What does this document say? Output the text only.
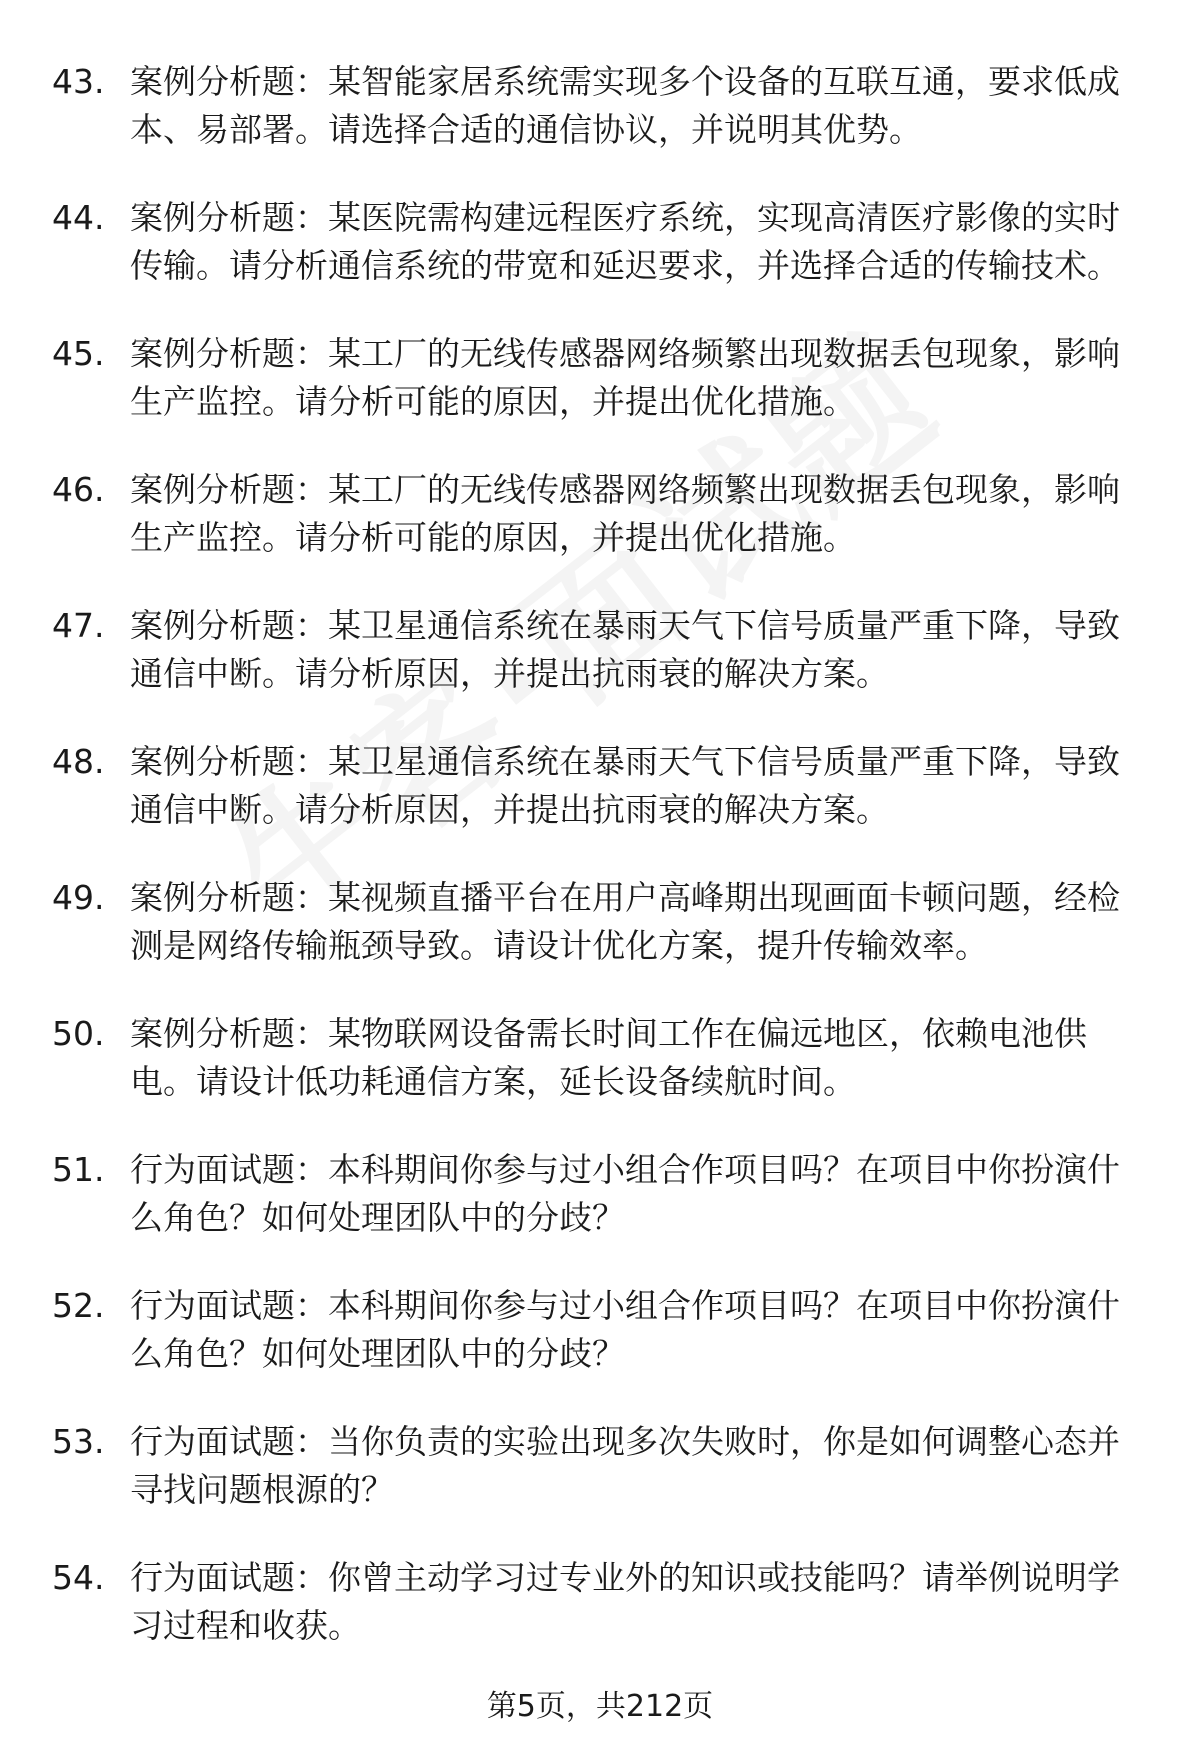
43. 案例分析题：某智能家居系统需实现多个设备的互联互通，要求低成本、易部署。请选择合适的通信协议，并说明其优势。
44. 案例分析题：某医院需构建远程医疗系统，实现高清医疗影像的实时传输。请分析通信系统的带宽和延迟要求，并选择合适的传输技术。
45. 案例分析题：某工厂的无线传感器网络频繁出现数据丢包现象，影响生产监控。请分析可能的原因，并提出优化措施。
46. 案例分析题：某工厂的无线传感器网络频繁出现数据丢包现象，影响生产监控。请分析可能的原因，并提出优化措施。
47. 案例分析题：某卫星通信系统在暴雨天气下信号质量严重下降，导致通信中断。请分析原因，并提出抗雨衰的解决方案。
48. 案例分析题：某卫星通信系统在暴雨天气下信号质量严重下降，导致通信中断。请分析原因，并提出抗雨衰的解决方案。
49. 案例分析题：某视频直播平台在用户高峰期出现画面卡顿问题，经检测是网络传输瓶颈导致。请设计优化方案，提升传输效率。
50. 案例分析题：某物联网设备需长时间工作在偏远地区，依赖电池供电。请设计低功耗通信方案，延长设备续航时间。
51. 行为面试题：本科期间你参与过小组合作项目吗？在项目中你扮演什么角色？如何处理团队中的分歧？
52. 行为面试题：本科期间你参与过小组合作项目吗？在项目中你扮演什么角色？如何处理团队中的分歧？
53. 行为面试题：当你负责的实验出现多次失败时，你是如何调整心态并寻找问题根源的？
54. 行为面试题：你曾主动学习过专业外的知识或技能吗？请举例说明学习过程和收获。
第5页，共212页
